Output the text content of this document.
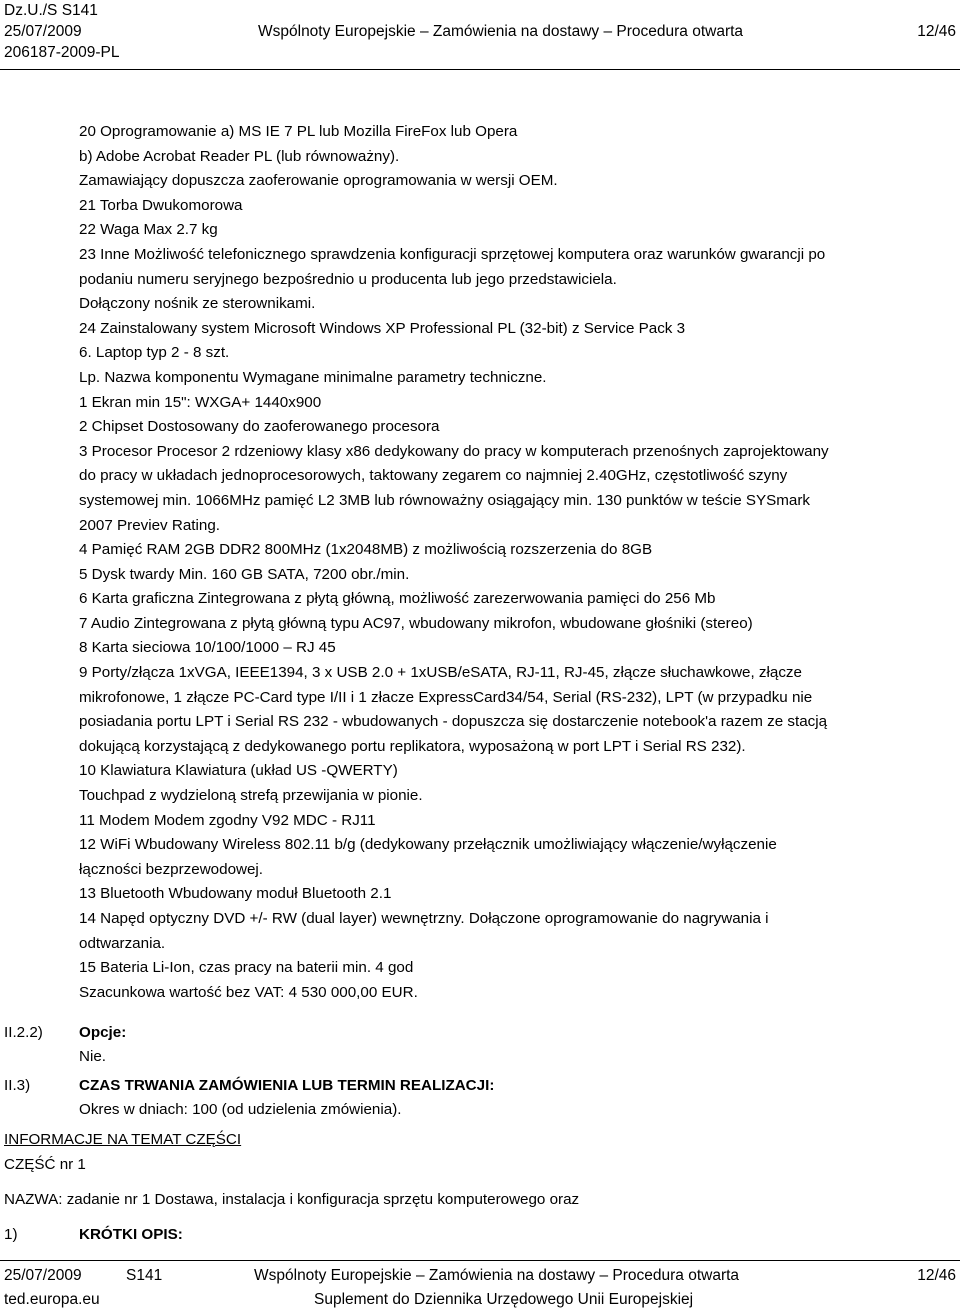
Dz.U./S S141
25/07/2009	Wspólnoty Europejskie – Zamówienia na dostawy – Procedura otwarta	12/46
206187-2009-PL
20 Oprogramowanie a) MS IE 7 PL lub Mozilla FireFox lub Opera
b) Adobe Acrobat Reader PL (lub równoważny).
Zamawiający dopuszcza zaoferowanie oprogramowania w wersji OEM.
21 Torba Dwukomorowa
22 Waga Max 2.7 kg
23 Inne Możliwość telefonicznego sprawdzenia konfiguracji sprzętowej komputera oraz warunków gwarancji po
podaniu numeru seryjnego bezpośrednio u producenta lub jego przedstawiciela.
Dołączony nośnik ze sterownikami.
24 Zainstalowany system Microsoft Windows XP Professional PL (32-bit) z Service Pack 3
6. Laptop typ 2 - 8 szt.
Lp. Nazwa komponentu Wymagane minimalne parametry techniczne.
1 Ekran min 15": WXGA+ 1440x900
2 Chipset Dostosowany do zaoferowanego procesora
3 Procesor Procesor 2 rdzeniowy klasy x86 dedykowany do pracy w komputerach przenośnych zaprojektowany
do pracy w układach jednoprocesorowych, taktowany zegarem co najmniej 2.40GHz, częstotliwość szyny
systemowej min. 1066MHz pamięć L2 3MB lub równoważny osiągający min. 130 punktów w teście SYSmark
2007 Previev Rating.
4 Pamięć RAM 2GB DDR2 800MHz (1x2048MB) z możliwością rozszerzenia do 8GB
5 Dysk twardy Min. 160 GB SATA, 7200 obr./min.
6 Karta graficzna Zintegrowana z płytą główną, możliwość zarezerwowania pamięci do 256 Mb
7 Audio Zintegrowana z płytą główną typu AC97, wbudowany mikrofon, wbudowane głośniki (stereo)
8 Karta sieciowa 10/100/1000 – RJ 45
9 Porty/złącza 1xVGA, IEEE1394, 3 x USB 2.0 + 1xUSB/eSATA, RJ-11, RJ-45, złącze słuchawkowe, złącze
mikrofonowe, 1 złącze PC-Card type I/II i 1 złacze ExpressCard34/54, Serial (RS-232), LPT (w przypadku nie
posiadania portu LPT i Serial RS 232 - wbudowanych - dopuszcza się dostarczenie notebook'a razem ze stacją
dokującą korzystającą z dedykowanego portu replikatora, wyposażoną w port LPT i Serial RS 232).
10 Klawiatura Klawiatura (układ US -QWERTY)
Touchpad z wydzieloną strefą przewijania w pionie.
11 Modem Modem zgodny V92 MDC - RJ11
12 WiFi Wbudowany Wireless 802.11 b/g (dedykowany przełącznik umożliwiający włączenie/wyłączenie
łączności bezprzewodowej.
13 Bluetooth Wbudowany moduł Bluetooth 2.1
14 Napęd optyczny DVD +/- RW (dual layer) wewnętrzny. Dołączone oprogramowanie do nagrywania i
odtwarzania.
15 Bateria Li-Ion, czas pracy na baterii min. 4 god
Szacunkowa wartość bez VAT: 4 530 000,00 EUR.
II.2.2) Opcje:
Nie.
II.3)	CZAS TRWANIA ZAMÓWIENIA LUB TERMIN REALIZACJI:
Okres w dniach: 100 (od udzielenia zmówienia).
INFORMACJE NA TEMAT CZĘŚCI
CZĘŚĆ nr 1
NAZWA: zadanie nr 1 Dostawa, instalacja i konfiguracja sprzętu komputerowego oraz
1)	KRÓTKI OPIS:
25/07/2009	S141	Wspólnoty Europejskie – Zamówienia na dostawy – Procedura otwarta	12/46
ted.europa.eu	Suplement do Dziennika Urzędowego Unii Europejskiej
